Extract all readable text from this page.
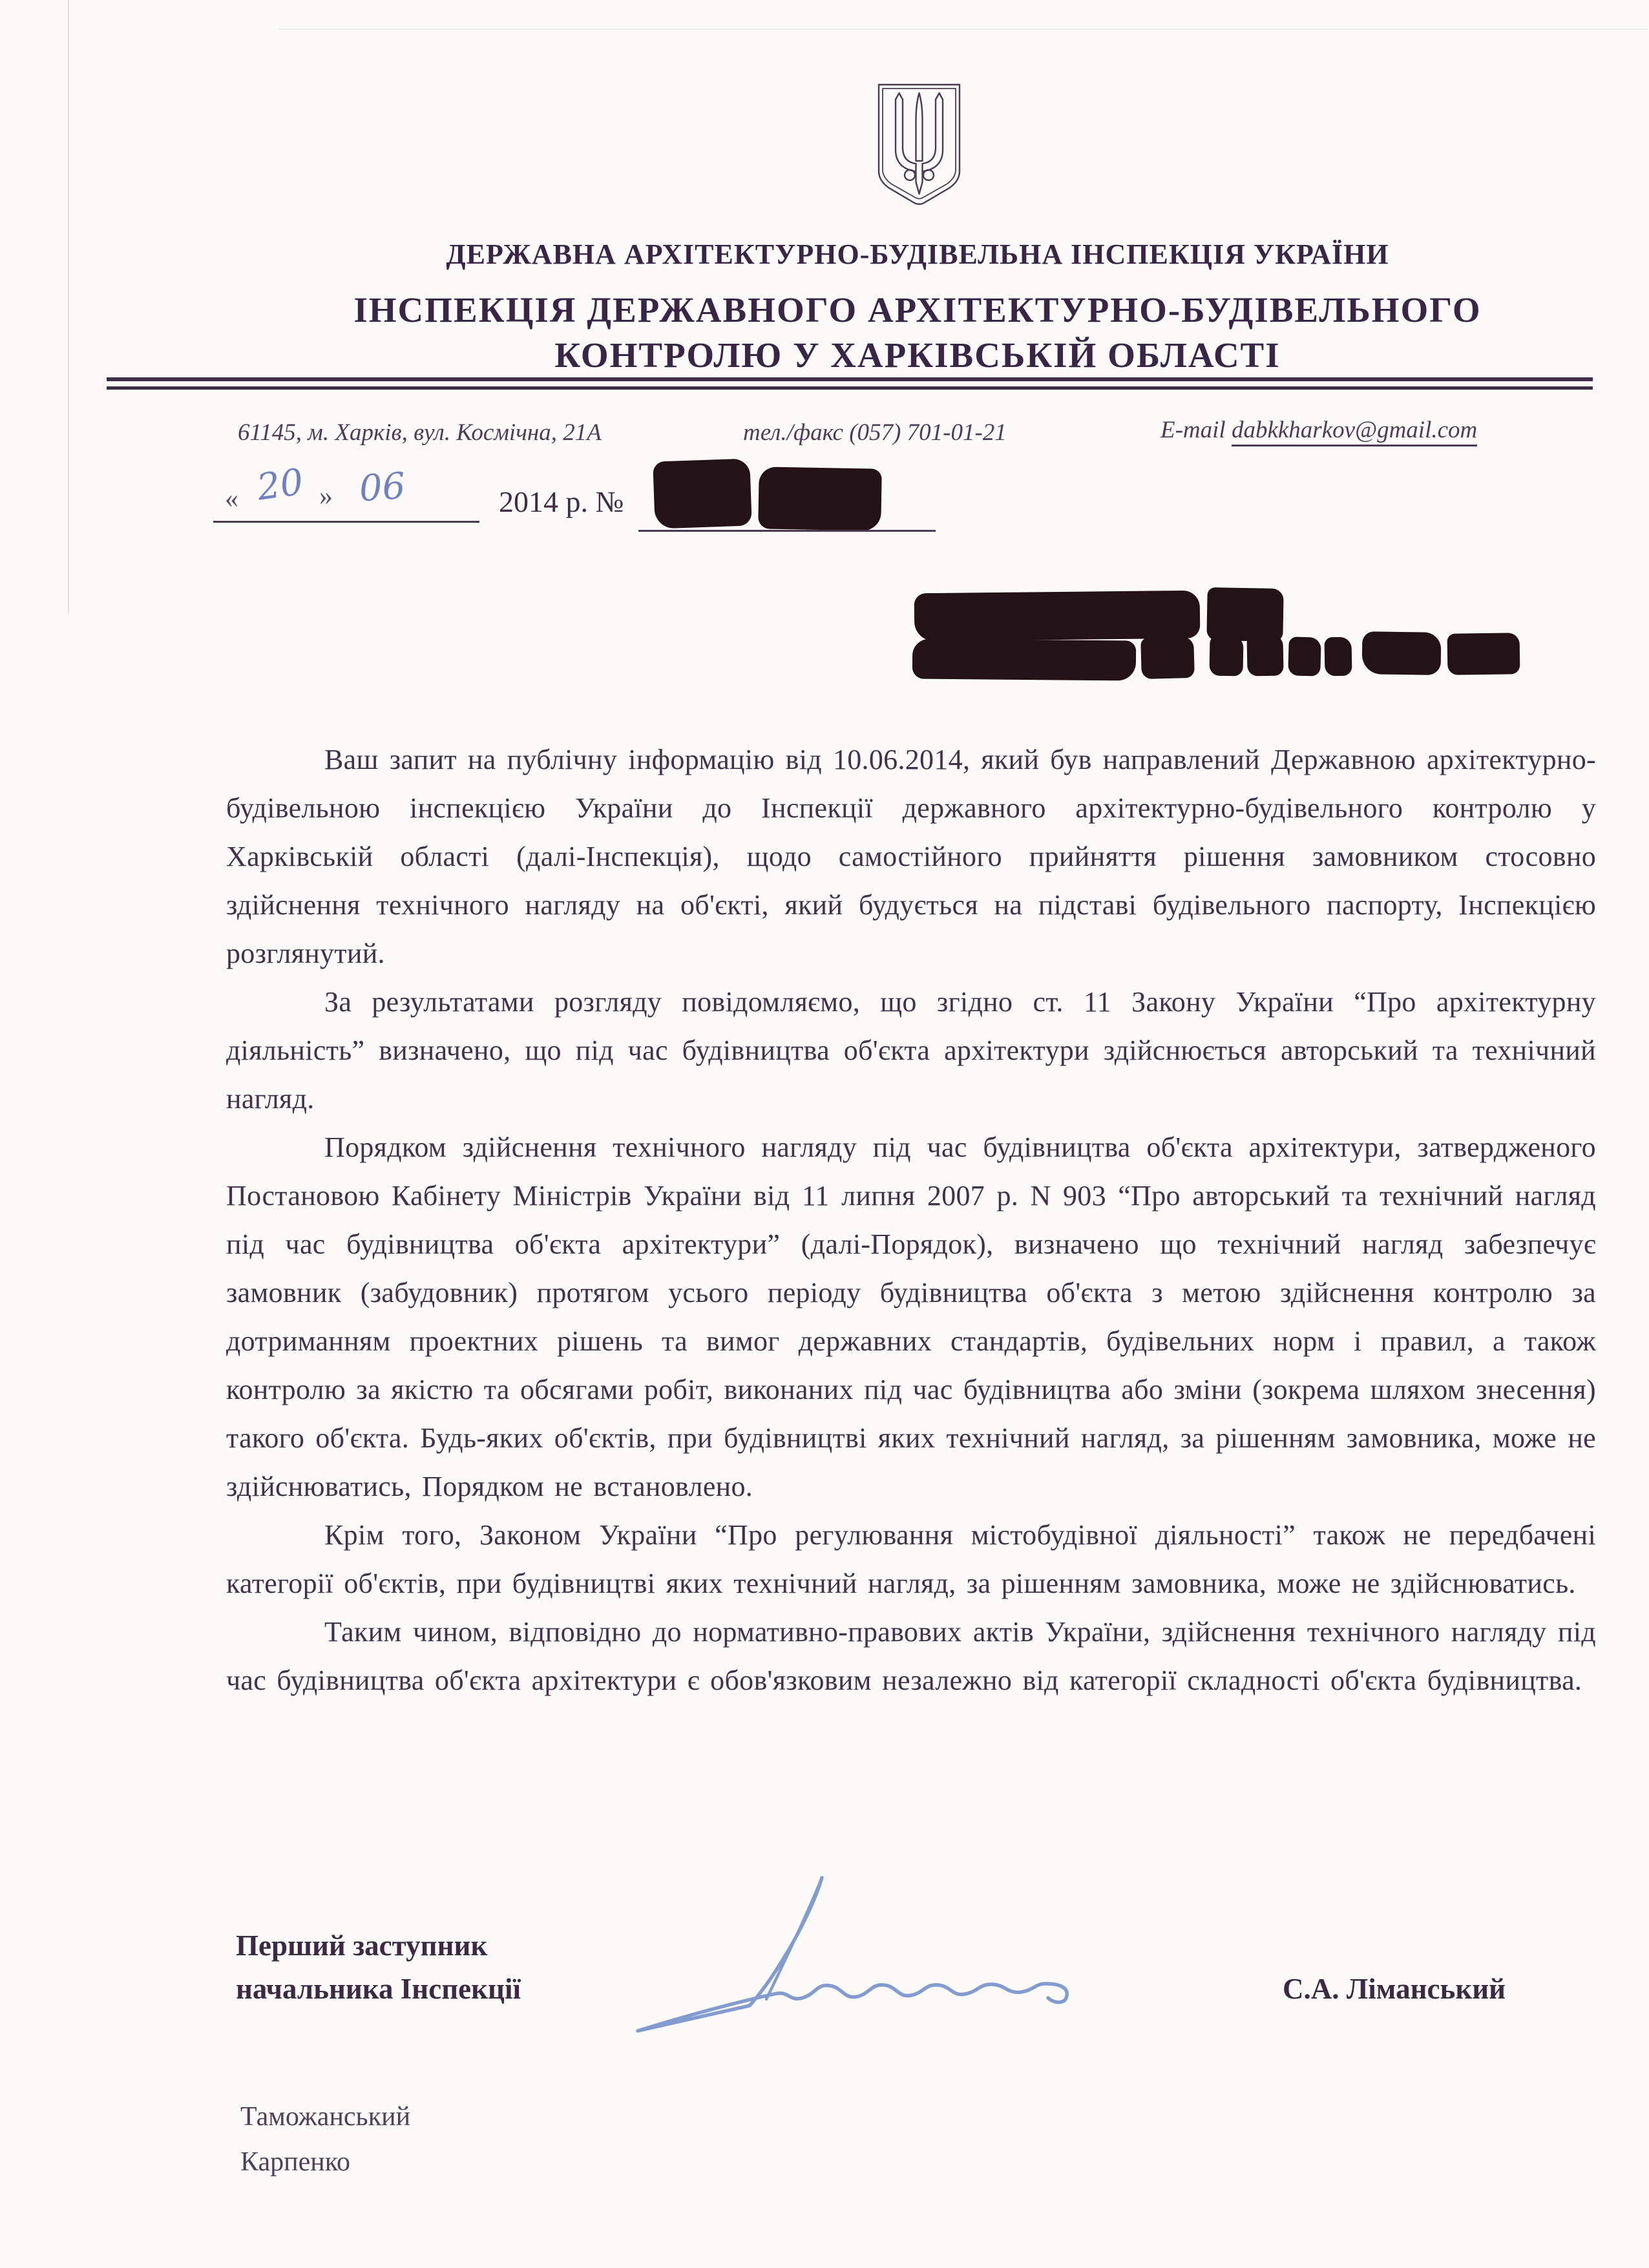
ДЕРЖАВНА АРХІТЕКТУРНО-БУДІВЕЛЬНА ІНСПЕКЦІЯ УКРАЇНИ
ІНСПЕКЦІЯ ДЕРЖАВНОГО АРХІТЕКТУРНО-БУДІВЕЛЬНОГО
КОНТРОЛЮ У ХАРКІВСЬКІЙ ОБЛАСТІ
61145, м. Харків, вул. Космічна, 21А	тел./факс (057) 701-01-21	E-mail dabkkharkov@gmail.com
« 20 » 06	2014 р. №

Ваш запит на публічну інформацію від 10.06.2014, який був направлений Державною архітектурно-будівельною інспекцією України до Інспекції державного архітектурно-будівельного контролю у Харківській області (далі-Інспекція), щодо самостійного прийняття рішення замовником стосовно здійснення технічного нагляду на об'єкті, який будується на підставі будівельного паспорту, Інспекцією розглянутий.

За результатами розгляду повідомляємо, що згідно ст. 11 Закону України “Про архітектурну діяльність” визначено, що під час будівництва об'єкта архітектури здійснюється авторський та технічний нагляд.

Порядком здійснення технічного нагляду під час будівництва об'єкта архітектури, затвердженого Постановою Кабінету Міністрів України від 11 липня 2007 р. N 903 “Про авторський та технічний нагляд під час будівництва об'єкта архітектури” (далі-Порядок), визначено що технічний нагляд забезпечує замовник (забудовник) протягом усього періоду будівництва об'єкта з метою здійснення контролю за дотриманням проектних рішень та вимог державних стандартів, будівельних норм і правил, а також контролю за якістю та обсягами робіт, виконаних під час будівництва або зміни (зокрема шляхом знесення) такого об'єкта. Будь-яких об'єктів, при будівництві яких технічний нагляд, за рішенням замовника, може не здійснюватись, Порядком не встановлено.

Крім того, Законом України “Про регулювання містобудівної діяльності” також не передбачені категорії об'єктів, при будівництві яких технічний нагляд, за рішенням замовника, може не здійснюватись.

Таким чином, відповідно до нормативно-правових актів України, здійснення технічного нагляду під час будівництва об'єкта архітектури є обов'язковим незалежно від категорії складності об'єкта будівництва.

Перший заступник
начальника Інспекції	С.А. Ліманський
Таможанський
Карпенко
